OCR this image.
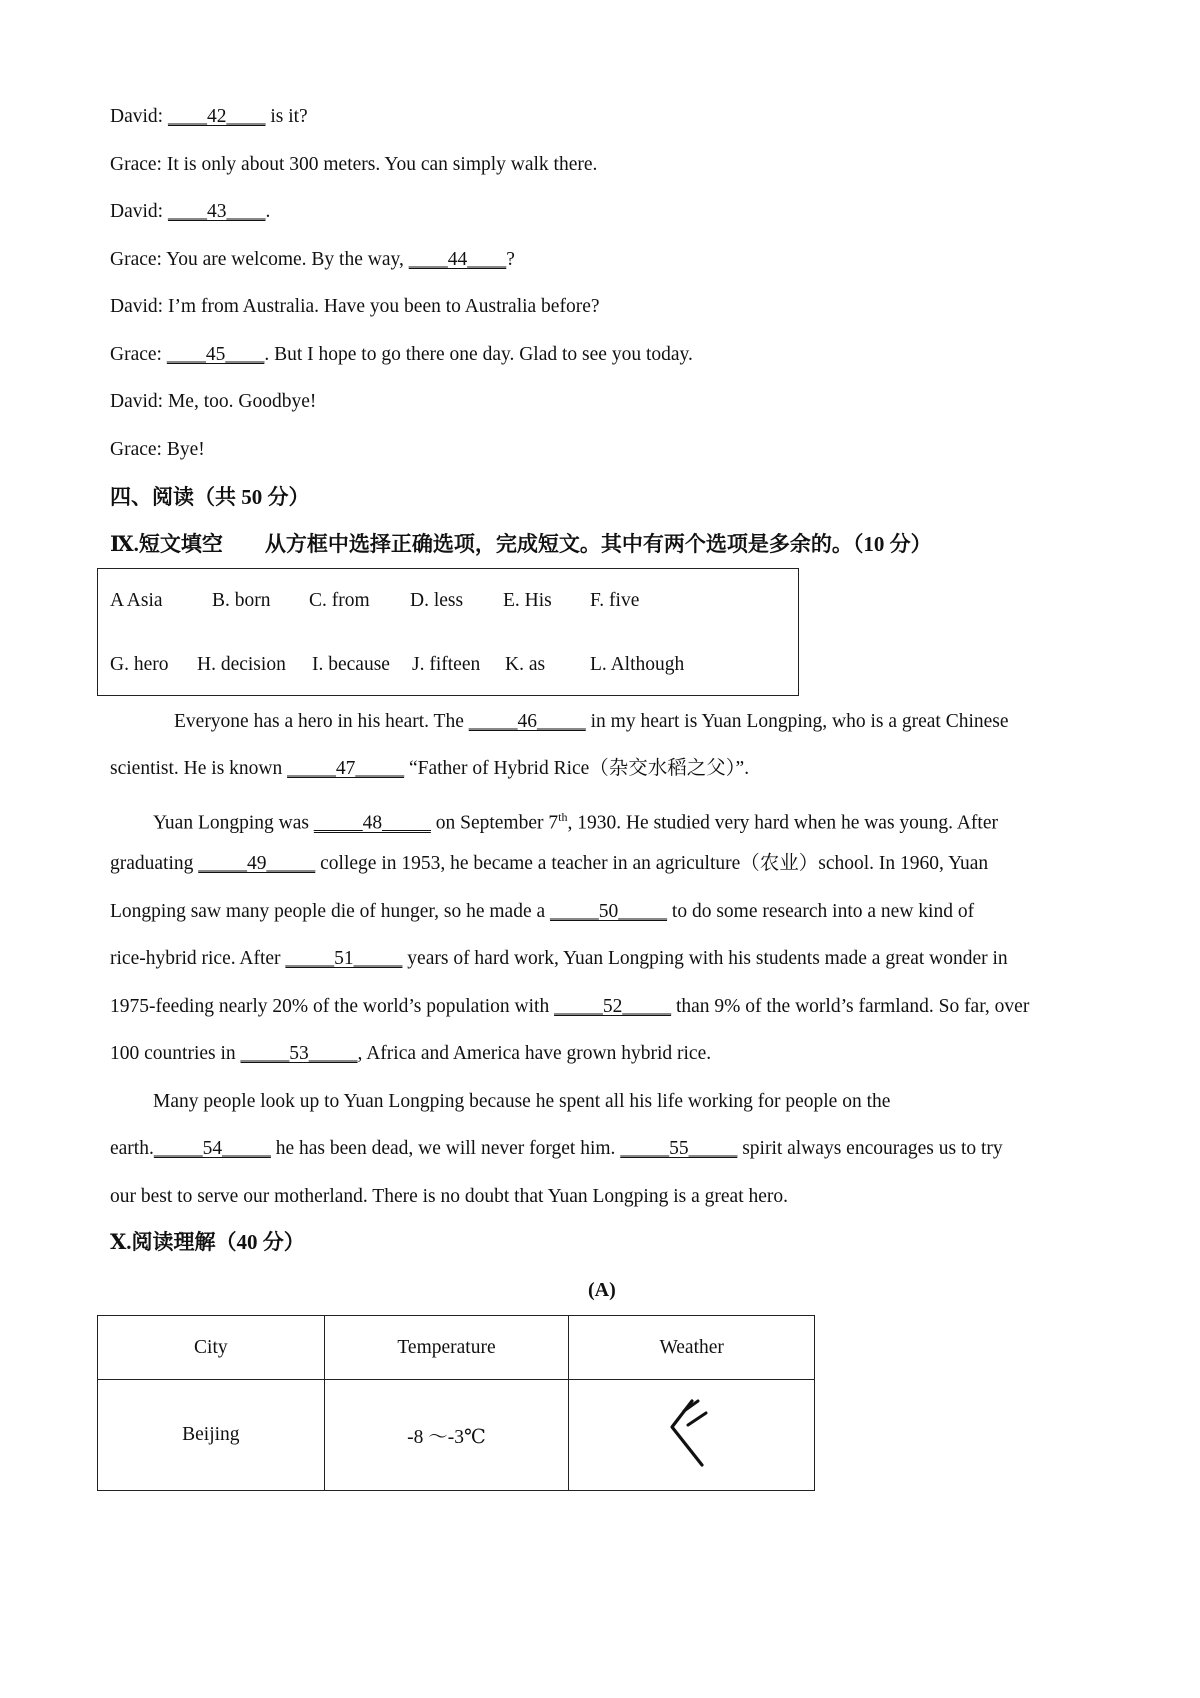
David: ____42____ is it?
Grace: It is only about 300 meters. You can simply walk there.
David: ____43____.
Grace: You are welcome. By the way, ____44____?
David: I’m from Australia. Have you been to Australia before?
Grace: ____45____. But I hope to go there one day. Glad to see you today.
David: Me, too. Goodbye!
Grace: Bye!
四、阅读（共 50 分）
Ⅸ.短文填空　　从方框中选择正确选项，完成短文。其中有两个选项是多余的。（10 分）
A Asia	B. born C. from D. less E. His F. five
G. hero H. decision I. because J. fifteen K. as L. Although
Everyone has a hero in his heart. The _____46_____ in my heart is Yuan Longping, who is a great Chinese
scientist. He is known _____47_____ “Father of Hybrid Rice（杂交水稻之父）”.
Yuan Longping was _____48_____ on September 7th, 1930. He studied very hard when he was young. After
graduating _____49_____ college in 1953, he became a teacher in an agriculture（农业）school. In 1960, Yuan
Longping saw many people die of hunger, so he made a _____50_____ to do some research into a new kind of
rice-hybrid rice. After _____51_____ years of hard work, Yuan Longping with his students made a great wonder in
1975-feeding nearly 20% of the world’s population with _____52_____ than 9% of the world’s farmland. So far, over
100 countries in _____53_____, Africa and America have grown hybrid rice.
Many people look up to Yuan Longping because he spent all his life working for people on the
earth._____54_____ he has been dead, we will never forget him. _____55_____ spirit always encourages us to try
our best to serve our motherland. There is no doubt that Yuan Longping is a great hero.
Ⅹ.阅读理解（40 分）
(A)
City	Temperature	Weather
Beijing	-8 ～-3℃	
